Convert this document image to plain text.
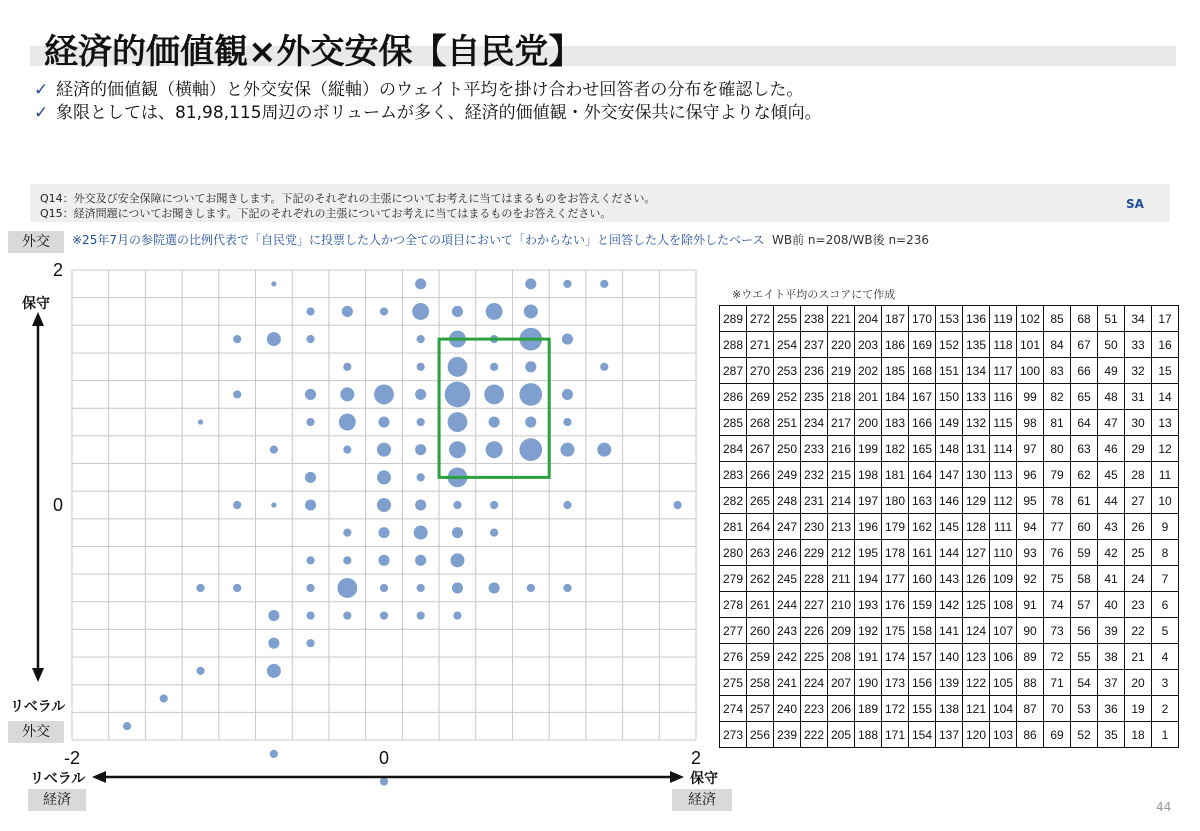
経済的価値観×外交安保【自民党】
✓ 経済的価値観（横軸）と外交安保（縦軸）のウェイト平均を掛け合わせ回答者の分布を確認した。
✓ 象限としては、81,98,115周辺のボリュームが多く、経済的価値観・外交安保共に保守よりな傾向。
Q14：外交及び安全保障についてお聞きします。下記のそれぞれの主張についてお考えに当てはまるものをお答えください。
Q15：経済問題についてお聞きします。下記のそれぞれの主張についてお考えに当てはまるものをお答えください。
SA
外交	※25年7月の参院選の比例代表で「自民党」に投票した人かつ全ての項目において「わからない」と回答した人を除外したベース WB前 n=208/WB後 n=236
-2	0	2
2
0
保守
リベラル
外交
リベラル	保守
経済	経済
※ウエイト平均のスコアにて作成
289	272	255	238	221	204	187	170	153	136	119	102	85	68	51	34	17
288	271	254	237	220	203	186	169	152	135	118	101	84	67	50	33	16
287	270	253	236	219	202	185	168	151	134	117	100	83	66	49	32	15
286	269	252	235	218	201	184	167	150	133	116	99	82	65	48	31	14
285	268	251	234	217	200	183	166	149	132	115	98	81	64	47	30	13
284	267	250	233	216	199	182	165	148	131	114	97	80	63	46	29	12
283	266	249	232	215	198	181	164	147	130	113	96	79	62	45	28	11
282	265	248	231	214	197	180	163	146	129	112	95	78	61	44	27	10
281	264	247	230	213	196	179	162	145	128	111	94	77	60	43	26	9
280	263	246	229	212	195	178	161	144	127	110	93	76	59	42	25	8
279	262	245	228	211	194	177	160	143	126	109	92	75	58	41	24	7
278	261	244	227	210	193	176	159	142	125	108	91	74	57	40	23	6
277	260	243	226	209	192	175	158	141	124	107	90	73	56	39	22	5
276	259	242	225	208	191	174	157	140	123	106	89	72	55	38	21	4
275	258	241	224	207	190	173	156	139	122	105	88	71	54	37	20	3
274	257	240	223	206	189	172	155	138	121	104	87	70	53	36	19	2
273	256	239	222	205	188	171	154	137	120	103	86	69	52	35	18	1
44
